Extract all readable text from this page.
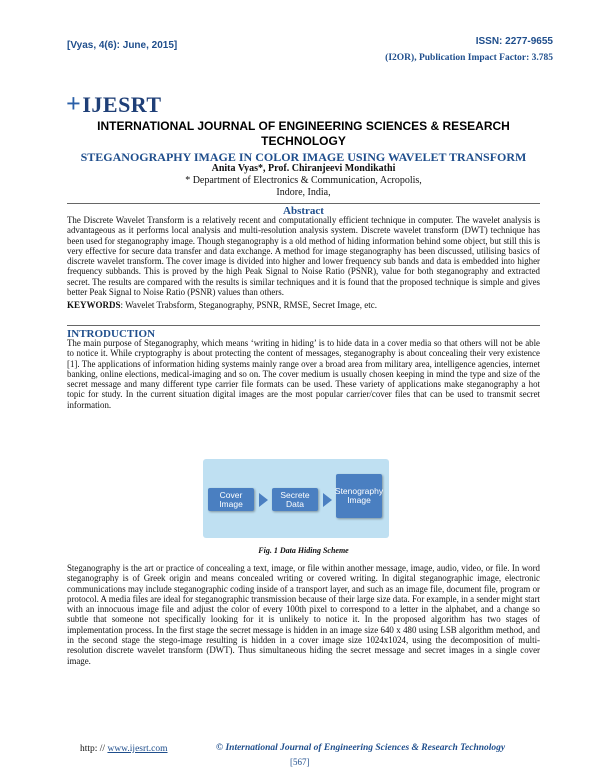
[Vyas, 4(6): June, 2015]	ISSN: 2277-9655
(I2OR), Publication Impact Factor: 3.785
+IJESRT
INTERNATIONAL JOURNAL OF ENGINEERING SCIENCES & RESEARCH TECHNOLOGY
STEGANOGRAPHY IMAGE IN COLOR IMAGE USING WAVELET TRANSFORM
Anita Vyas*, Prof. Chiranjeevi Mondikathi
* Department of Electronics & Communication, Acropolis,
Indore, India,
Abstract
The Discrete Wavelet Transform is a relatively recent and computationally efficient technique in computer. The wavelet analysis is advantageous as it performs local analysis and multi-resolution analysis system. Discrete wavelet transform (DWT) technique has been used for steganography image. Though steganography is a old method of hiding information behind some object, but still this is very effective for secure data transfer and data exchange. A method for image steganography has been discussed, utilising basics of discrete wavelet transform. The cover image is divided into higher and lower frequency sub bands and data is embedded into higher frequency subbands. This is proved by the high Peak Signal to Noise Ratio (PSNR), value for both steganography and extracted secret. The results are compared with the results is similar techniques and it is found that the proposed technique is simple and gives better Peak Signal to Noise Ratio (PSNR) values than others.
KEYWORDS: Wavelet Trabsform, Steganography, PSNR, RMSE, Secret Image, etc.
INTRODUCTION
The main purpose of Steganography, which means ‘writing in hiding’ is to hide data in a cover media so that others will not be able to notice it. While cryptography is about protecting the content of messages, steganography is about concealing their very existence [1]. The applications of information hiding systems mainly range over a broad area from military area, intelligence agencies, internet banking, online elections, medical-imaging and so on. The cover medium is usually chosen keeping in mind the type and size of the secret message and many different type carrier file formats can be used. These variety of applications make steganography a hot topic for study. In the current situation digital images are the most popular carrier/cover files that can be used to transmit secret information.
Cover Image
Secrete Data
Stenography Image
Fig. 1 Data Hiding Scheme
Steganography is the art or practice of concealing a text, image, or file within another message, image, audio, video, or file. In word steganography is of Greek origin and means concealed writing or covered writing. In digital steganographic image, electronic communications may include steganographic coding inside of a transport layer, and such as an image file, document file, program or protocol. A media files are ideal for steganographic transmission because of their large size data. For example, in a sender might start with an innocuous image file and adjust the color of every 100th pixel to correspond to a letter in the alphabet, and a change so subtle that someone not specifically looking for it is unlikely to notice it. In the proposed algorithm has two stages of implementation process. In the first stage the secret message is hidden in an image size 640 x 480 using LSB algorithm method, and in the second stage the stego-image resulting is hidden in a cover image size 1024x1024, using the decomposition of multi-resolution discrete wavelet transform (DWT). Thus simultaneous hiding the secret message and secret images in a single cover image.
http: // www.ijesrt.com	© International Journal of Engineering Sciences & Research Technology
[567]
